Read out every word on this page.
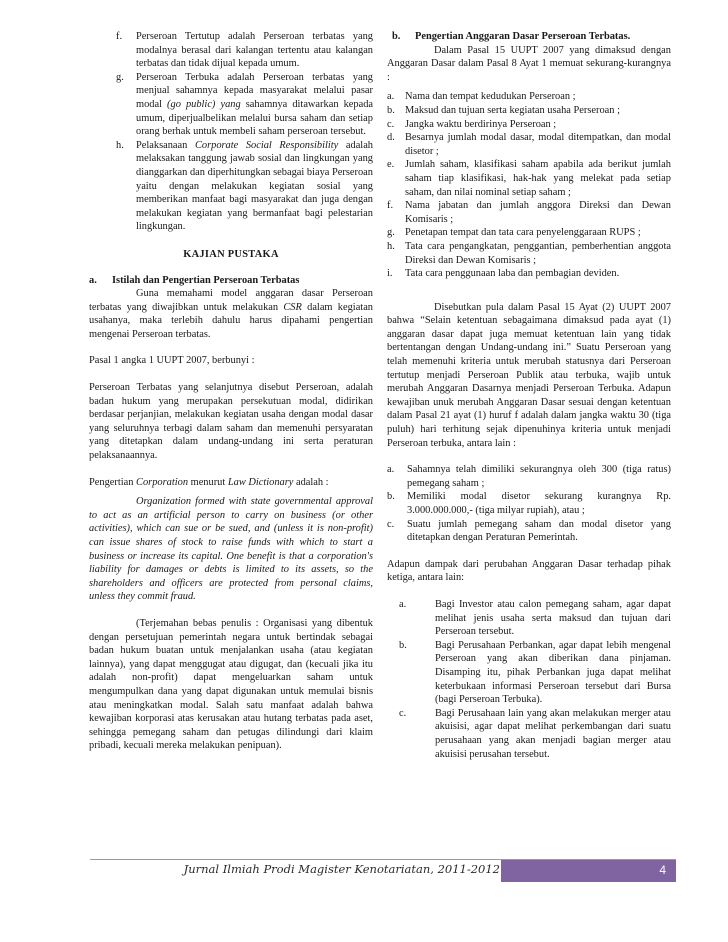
f. Perseroan Tertutup adalah Perseroan terbatas yang modalnya berasal dari kalangan tertentu atau kalangan terbatas dan tidak dijual kepada umum.
g. Perseroan Terbuka adalah Perseroan terbatas yang menjual sahamnya kepada masyarakat melalui pasar modal (go public) yang sahamnya ditawarkan kepada umum, diperjualbelikan melalui bursa saham dan setiap orang berhak untuk membeli saham perseroan tersebut.
h. Pelaksanaan Corporate Social Responsibility adalah melaksakan tanggung jawab sosial dan lingkungan yang dianggarkan dan diperhitungkan sebagai biaya Perseroan yaitu dengan melakukan kegiatan sosial yang memberikan manfaat bagi masyarakat dan juga dengan melakukan kegiatan yang bermanfaat bagi pelestarian lingkungan.
KAJIAN PUSTAKA
a. Istilah dan Pengertian Perseroan Terbatas

Guna memahami model anggaran dasar Perseroan terbatas yang diwajibkan untuk melakukan CSR dalam kegiatan usahanya, maka terlebih dahulu harus dipahami pengertian mengenai Perseroan terbatas.

Pasal 1 angka 1 UUPT 2007, berbunyi :

Perseroan Terbatas yang selanjutnya disebut Perseroan, adalah badan hukum yang merupakan persekutuan modal, didirikan berdasar perjanjian, melakukan kegiatan usaha dengan modal dasar yang seluruhnya terbagi dalam saham dan memenuhi persyaratan yang ditetapkan dalam undang-undang ini serta peraturan pelaksanaannya.

Pengertian Corporation menurut Law Dictionary adalah :

Organization formed with state governmental approval to act as an artificial person to carry on business (or other activities), which can sue or be sued, and (unless it is non-profit) can issue shares of stock to raise funds with which to start a business or increase its capital. One benefit is that a corporation's liability for damages or debts is limited to its assets, so the shareholders and officers are protected from personal claims, unless they commit fraud.

(Terjemahan bebas penulis : Organisasi yang dibentuk dengan persetujuan pemerintah negara untuk bertindak sebagai badan hukum buatan untuk menjalankan usaha (atau kegiatan lainnya), yang dapat menggugat atau digugat, dan (kecuali jika itu adalah non-profit) dapat mengeluarkan saham untuk mengumpulkan dana yang dapat digunakan untuk memulai bisnis atau meningkatkan modal. Salah satu manfaat adalah bahwa kewajiban korporasi atas kerusakan atau hutang terbatas pada aset, sehingga pemegang saham dan petugas dilindungi dari klaim pribadi, kecuali mereka melakukan penipuan).

b. Pengertian Anggaran Dasar Perseroan Terbatas.

Dalam Pasal 15 UUPT 2007 yang dimaksud dengan Anggaran Dasar dalam Pasal 8 Ayat 1 memuat sekurang-kurangnya :

a. Nama dan tempat kedudukan Perseroan ;
b. Maksud dan tujuan serta kegiatan usaha Perseroan ;
c. Jangka waktu berdirinya Perseroan ;
d. Besarnya jumlah modal dasar, modal ditempatkan, dan modal disetor ;
e. Jumlah saham, klasifikasi saham apabila ada berikut jumlah saham tiap klasifikasi, hak-hak yang melekat pada setiap saham, dan nilai nominal setiap saham ;
f. Nama jabatan dan jumlah anggora Direksi dan Dewan Komisaris ;
g. Penetapan tempat dan tata cara penyelenggaraan RUPS ;
h. Tata cara pengangkatan, penggantian, pemberhentian anggota Direksi dan Dewan Komisaris ;
i. Tata cara penggunaan laba dan pembagian deviden.

Disebutkan pula dalam Pasal 15 Ayat (2) UUPT 2007 bahwa “Selain ketentuan sebagaimana dimaksud pada ayat (1) anggaran dasar dapat juga memuat ketentuan lain yang tidak bertentangan dengan Undang-undang ini.” Suatu Perseroan yang telah memenuhi kriteria untuk merubah statusnya dari Perseroan tertutup menjadi Perseroan Publik atau terbuka, wajib untuk merubah Anggaran Dasarnya menjadi Perseroan Terbuka. Adapun kewajiban unuk merubah Anggaran Dasar sesuai dengan ketentuan dalam Pasal 21 ayat (1) huruf f adalah dalam jangka waktu 30 (tiga puluh) hari terhitung sejak dipenuhinya kriteria untuk menjadi Perseroan terbuka, antara lain :

a. Sahamnya telah dimiliki sekurangnya oleh 300 (tiga ratus) pemegang saham ;
b. Memiliki modal disetor sekurang kurangnya Rp. 3.000.000.000,- (tiga milyar rupiah), atau ;
c. Suatu jumlah pemegang saham dan modal disetor yang ditetapkan dengan Peraturan Pemerintah.

Adapun dampak dari perubahan Anggaran Dasar terhadap pihak ketiga, antara lain:

a.	Bagi Investor atau calon pemegang saham, agar dapat melihat jenis usaha serta maksud dan tujuan dari Perseroan tersebut.
b.	Bagi Perusahaan Perbankan, agar dapat lebih mengenal Perseroan yang akan diberikan dana pinjaman. Disamping itu, pihak Perbankan juga dapat melihat keterbukaan informasi Perseroan tersebut dari Bursa (bagi Perseroan Terbuka).
c.	Bagi Perusahaan lain yang akan melakukan merger atau akuisisi, agar dapat melihat perkembangan dari suatu perusahaan yang akan menjadi bagian merger atau akuisisi perusahan tersebut.
Jurnal Ilmiah Prodi Magister Kenotariatan, 2011-2012	4
